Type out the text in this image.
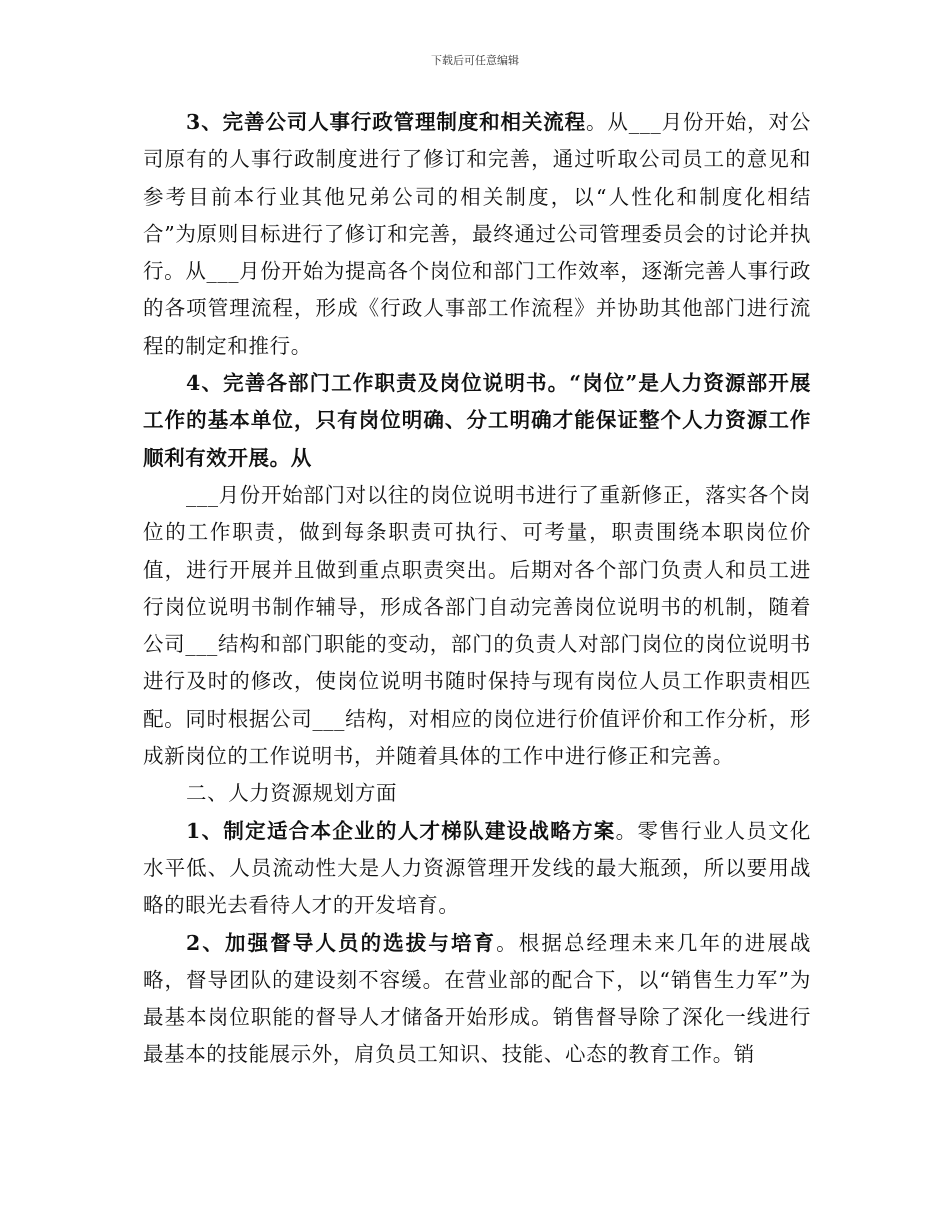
下载后可任意编辑

3、完善公司人事行政管理制度和相关流程。从___月份开始，对公司原有的人事行政制度进行了修订和完善，通过听取公司员工的意见和参考目前本行业其他兄弟公司的相关制度，以“人性化和制度化相结合”为原则目标进行了修订和完善，最终通过公司管理委员会的讨论并执行。从___月份开始为提高各个岗位和部门工作效率，逐渐完善人事行政的各项管理流程，形成《行政人事部工作流程》并协助其他部门进行流程的制定和推行。

4、完善各部门工作职责及岗位说明书。“岗位”是人力资源部开展工作的基本单位，只有岗位明确、分工明确才能保证整个人力资源工作顺利有效开展。从

___月份开始部门对以往的岗位说明书进行了重新修正，落实各个岗位的工作职责，做到每条职责可执行、可考量，职责围绕本职岗位价值，进行开展并且做到重点职责突出。后期对各个部门负责人和员工进行岗位说明书制作辅导，形成各部门自动完善岗位说明书的机制，随着公司___结构和部门职能的变动，部门的负责人对部门岗位的岗位说明书进行及时的修改，使岗位说明书随时保持与现有岗位人员工作职责相匹配。同时根据公司___结构，对相应的岗位进行价值评价和工作分析，形成新岗位的工作说明书，并随着具体的工作中进行修正和完善。

二、人力资源规划方面

1、制定适合本企业的人才梯队建设战略方案。零售行业人员文化水平低、人员流动性大是人力资源管理开发线的最大瓶颈，所以要用战略的眼光去看待人才的开发培育。

2、加强督导人员的选拔与培育。根据总经理未来几年的进展战略，督导团队的建设刻不容缓。在营业部的配合下，以“销售生力军”为最基本岗位职能的督导人才储备开始形成。销售督导除了深化一线进行最基本的技能展示外，肩负员工知识、技能、心态的教育工作。销
